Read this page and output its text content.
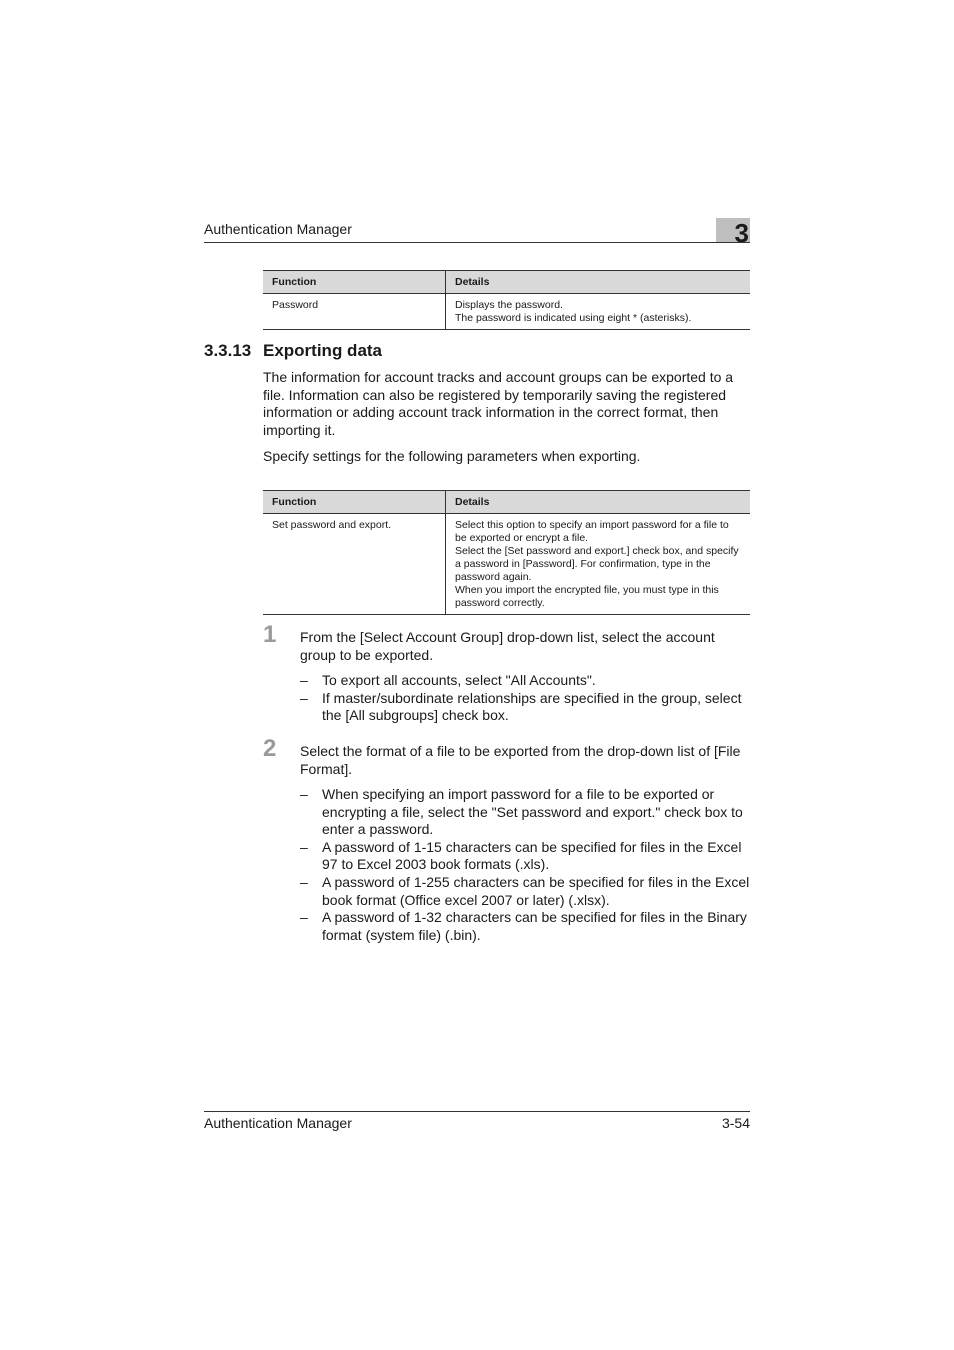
Authentication Manager	3
Function	Details
Password	Displays the password.
The password is indicated using eight * (asterisks).
3.3.13 Exporting data
The information for account tracks and account groups can be exported to a file. Information can also be registered by temporarily saving the registered information or adding account track information in the correct format, then importing it.
Specify settings for the following parameters when exporting.
Function	Details
Set password and export.	Select this option to specify an import password for a file to be exported or encrypt a file.
Select the [Set password and export.] check box, and specify a password in [Password]. For confirmation, type in the password again.
When you import the encrypted file, you must type in this password correctly.
1 From the [Select Account Group] drop-down list, select the account group to be exported.
– To export all accounts, select "All Accounts".
– If master/subordinate relationships are specified in the group, select the [All subgroups] check box.
2 Select the format of a file to be exported from the drop-down list of [File Format].
– When specifying an import password for a file to be exported or encrypting a file, select the "Set password and export." check box to enter a password.
– A password of 1-15 characters can be specified for files in the Excel 97 to Excel 2003 book formats (.xls).
– A password of 1-255 characters can be specified for files in the Excel book format (Office excel 2007 or later) (.xlsx).
– A password of 1-32 characters can be specified for files in the Binary format (system file) (.bin).
Authentication Manager	3-54
